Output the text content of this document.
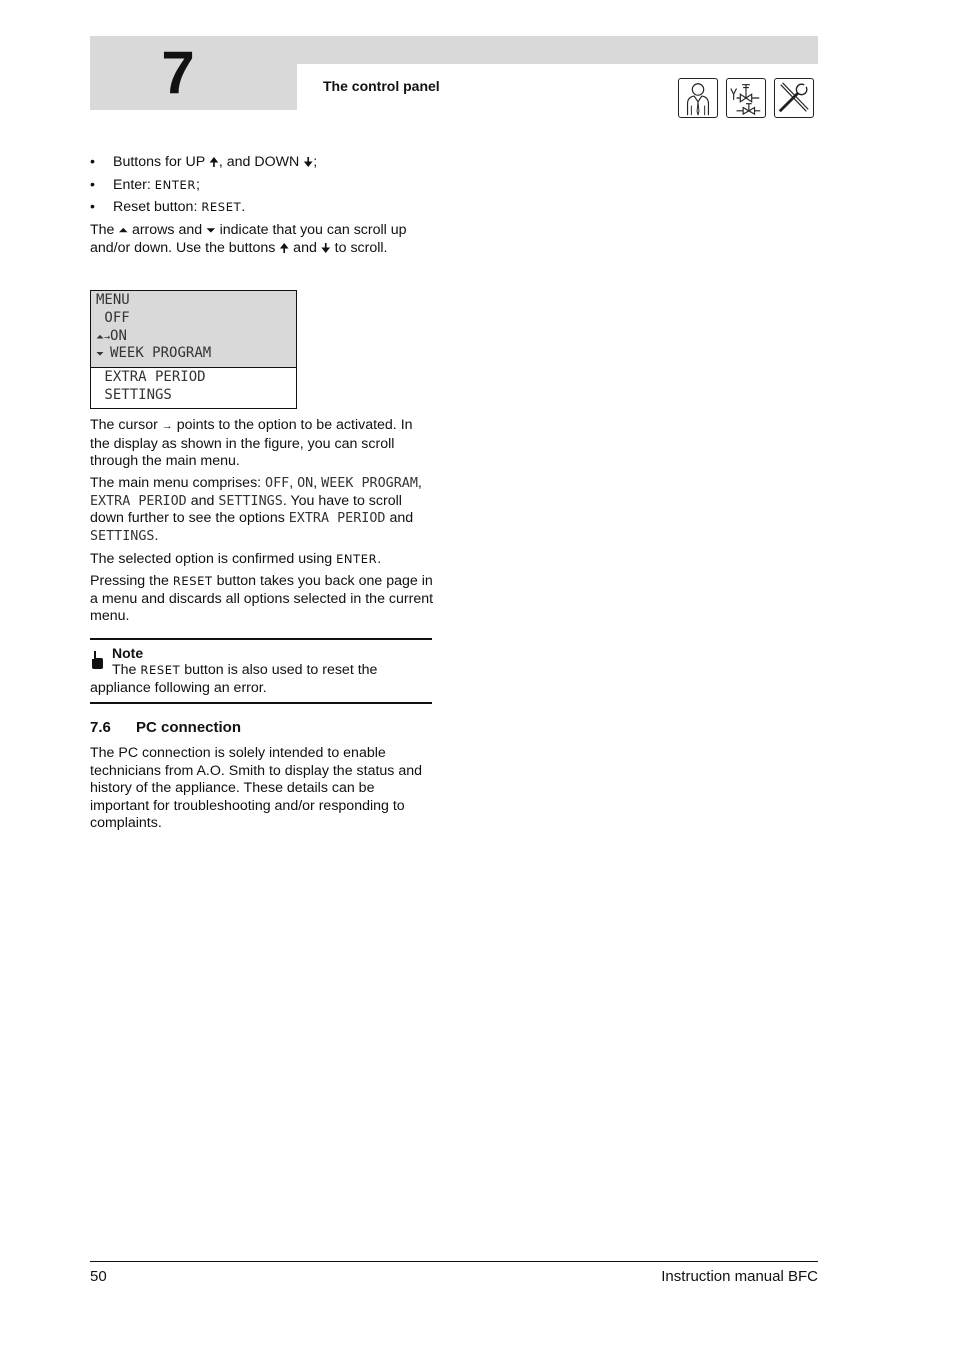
7	The control panel
• Buttons for UP 🠉, and DOWN 🠋;
• Enter: ENTER;
• Reset button: RESET.

The ⏶ arrows and ⏷ indicate that you can scroll up and/or down. Use the buttons 🠉 and 🠋 to scroll.

MENU
OFF
⏶→ON
⏷ WEEK PROGRAM
EXTRA PERIOD
SETTINGS

The cursor → points to the option to be activated. In the display as shown in the figure, you can scroll through the main menu.

The main menu comprises: OFF, ON, WEEK PROGRAM, EXTRA PERIOD and SETTINGS. You have to scroll down further to see the options EXTRA PERIOD and SETTINGS.

The selected option is confirmed using ENTER.

Pressing the RESET button takes you back one page in a menu and discards all options selected in the current menu.

Note

The RESET button is also used to reset the appliance following an error.

7.6 PC connection

The PC connection is solely intended to enable technicians from A.O. Smith to display the status and history of the appliance. These details can be important for troubleshooting and/or responding to complaints.

50	Instruction manual BFC
